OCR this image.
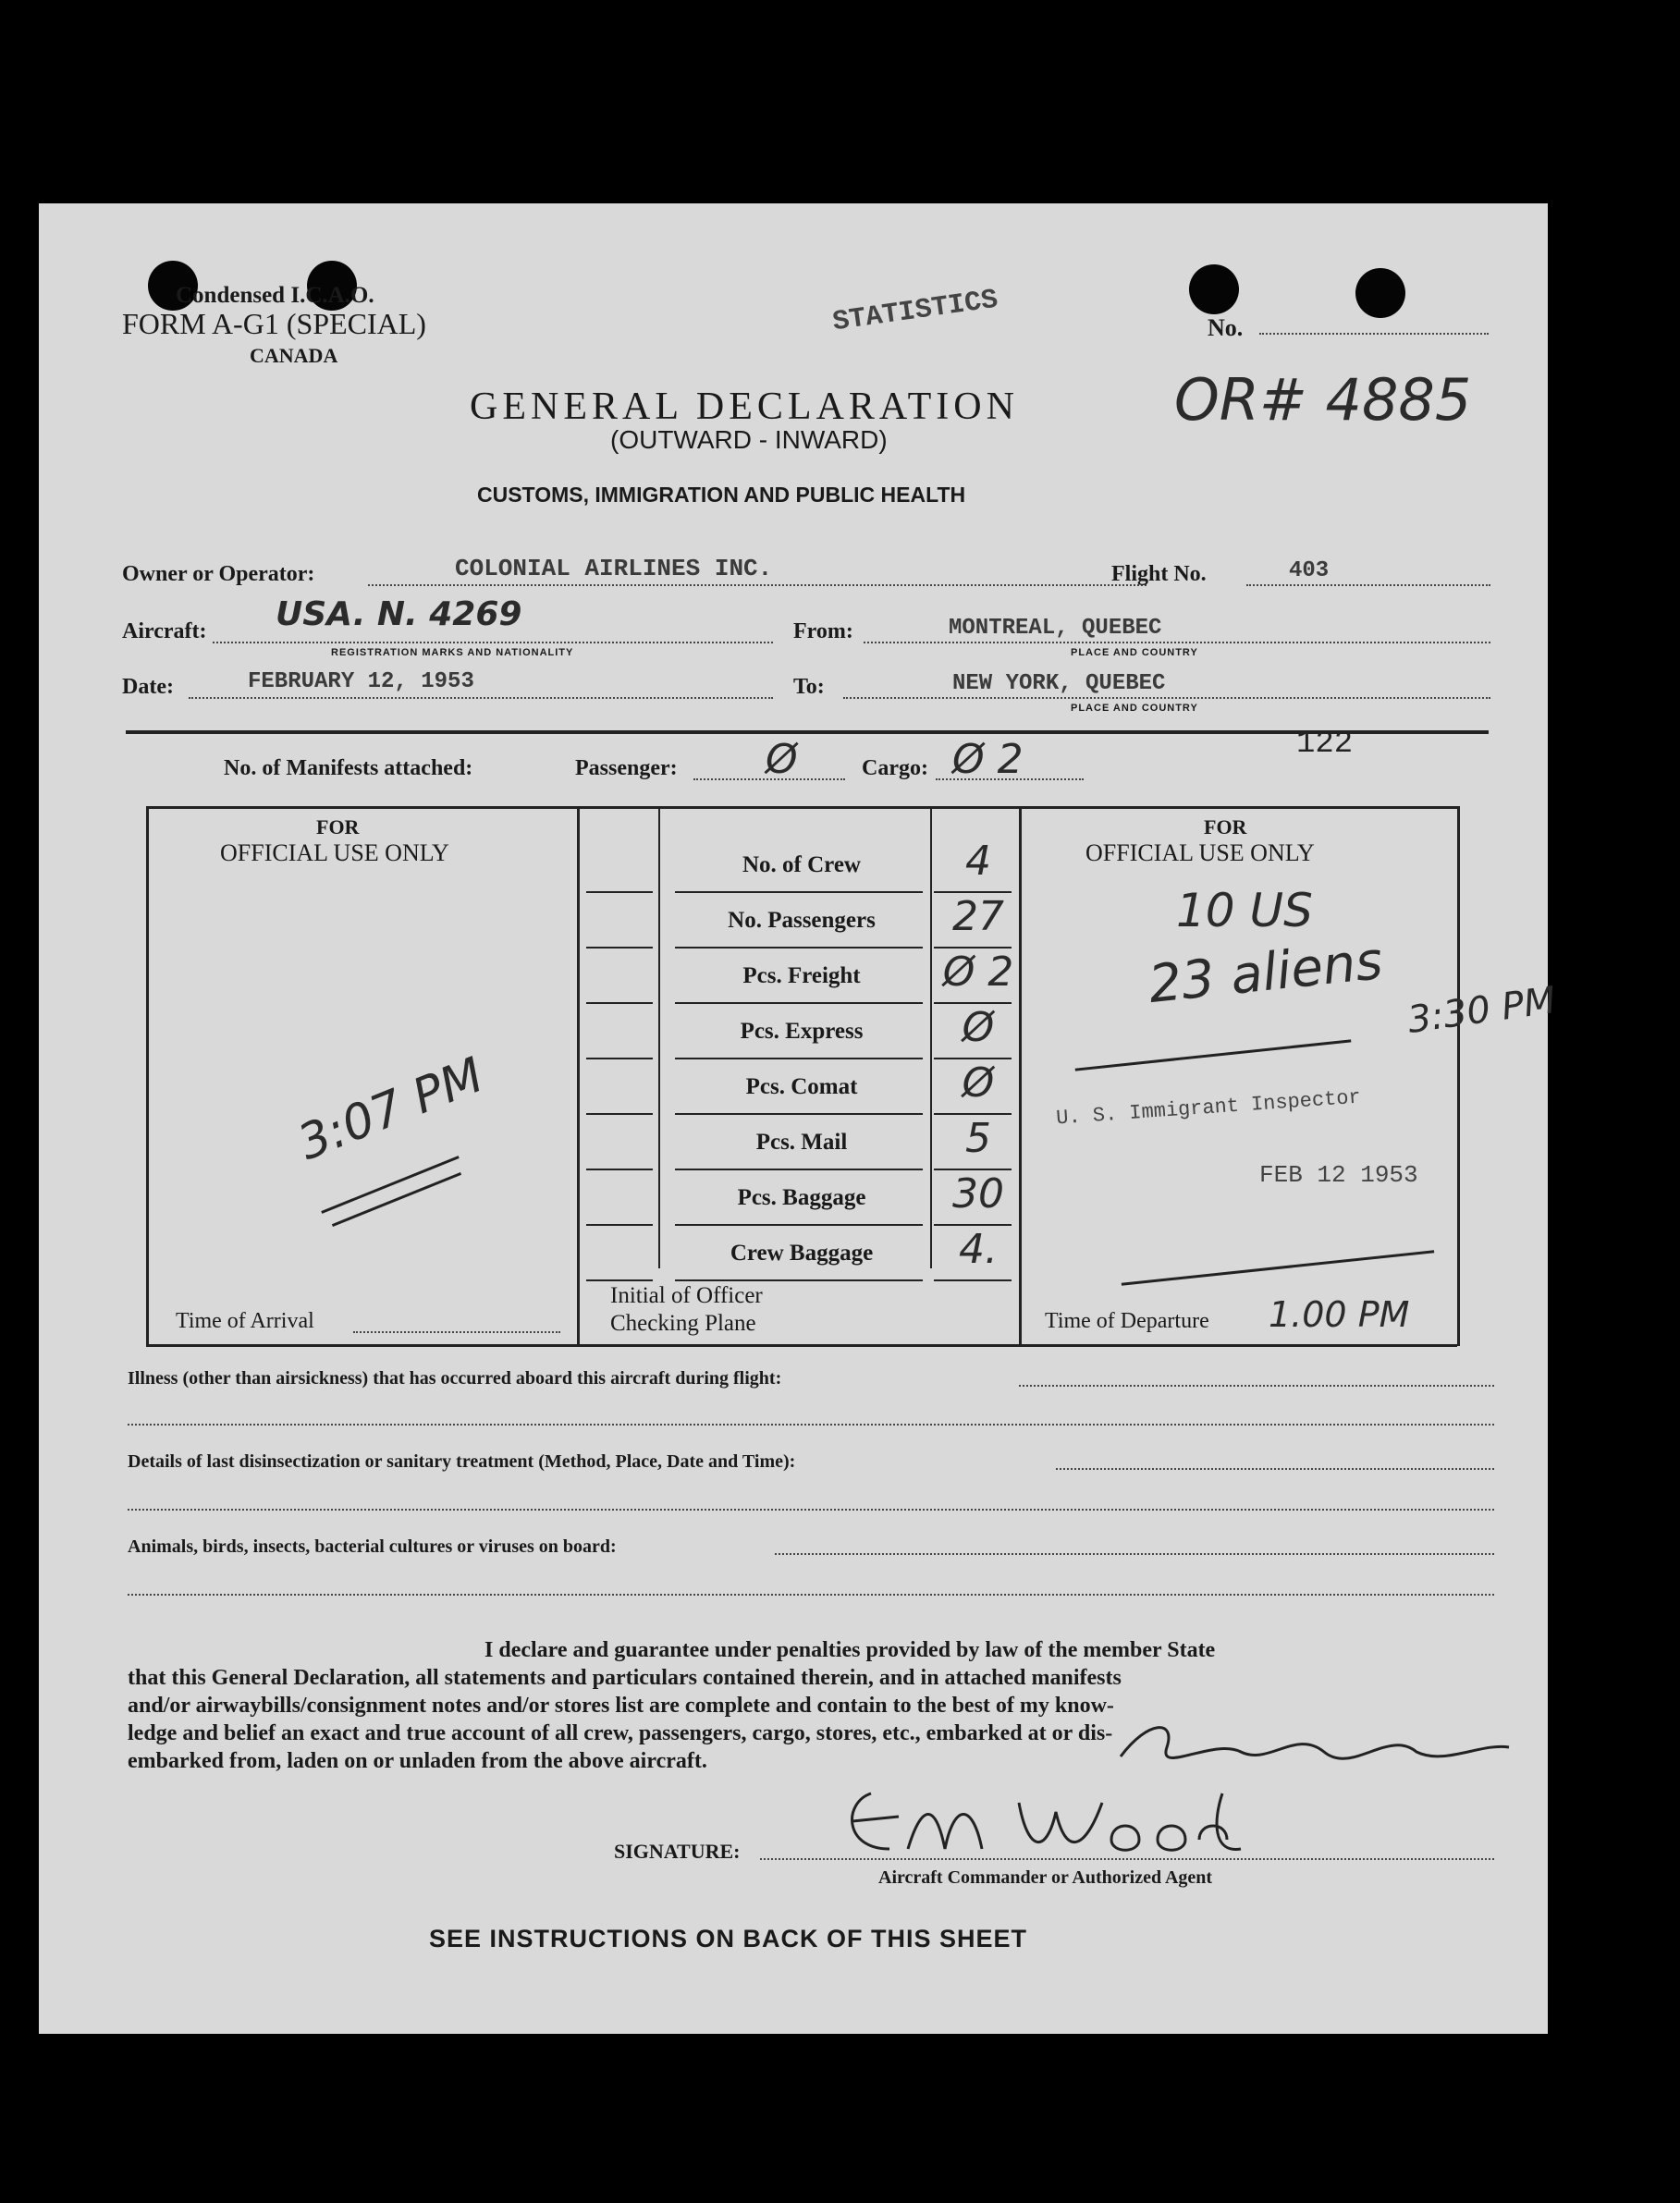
Condensed I.C.A.O.
FORM A-G1 (SPECIAL)
CANADA
STATISTICS	No.
GENERAL DECLARATION
(OUTWARD - INWARD)
OR# 4885
CUSTOMS, IMMIGRATION AND PUBLIC HEALTH
Owner or Operator:	COLONIAL AIRLINES INC.	Flight No.	403
Aircraft: USA. N. 4269
REGISTRATION MARKS AND NATIONALITY
From:	MONTREAL, QUEBEC
PLACE AND COUNTRY
Date:	FEBRUARY 12, 1953	To:	NEW YORK, QUEBEC
PLACE AND COUNTRY
122
No. of Manifests attached:	Passenger: Ø	Cargo: Ø 2
FOR
OFFICIAL USE ONLY
FOR
OFFICIAL USE ONLY
No. of Crew	4
No. Passengers	27
Pcs. Freight	Ø 2
Pcs. Express	Ø
Pcs. Comat	Ø
Pcs. Mail	5
Pcs. Baggage	30
Crew Baggage	4.
3:07 PM
Time of Arrival
Initial of Officer
Checking Plane
10 US
23 aliens 3:30 PM
U. S. Immigrant Inspector
FEB 12 1953
Time of Departure 1.00 PM
Illness (other than airsickness) that has occurred aboard this aircraft during flight:
Details of last disinsectization or sanitary treatment (Method, Place, Date and Time):
Animals, birds, insects, bacterial cultures or viruses on board:
I declare and guarantee under penalties provided by law of the member State
that this General Declaration, all statements and particulars contained therein, and in attached manifests
and/or airwaybills/consignment notes and/or stores list are complete and contain to the best of my know-
ledge and belief an exact and true account of all crew, passengers, cargo, stores, etc., embarked at or dis-
embarked from, laden on or unladen from the above aircraft.
SIGNATURE:
Aircraft Commander or Authorized Agent
SEE INSTRUCTIONS ON BACK OF THIS SHEET
